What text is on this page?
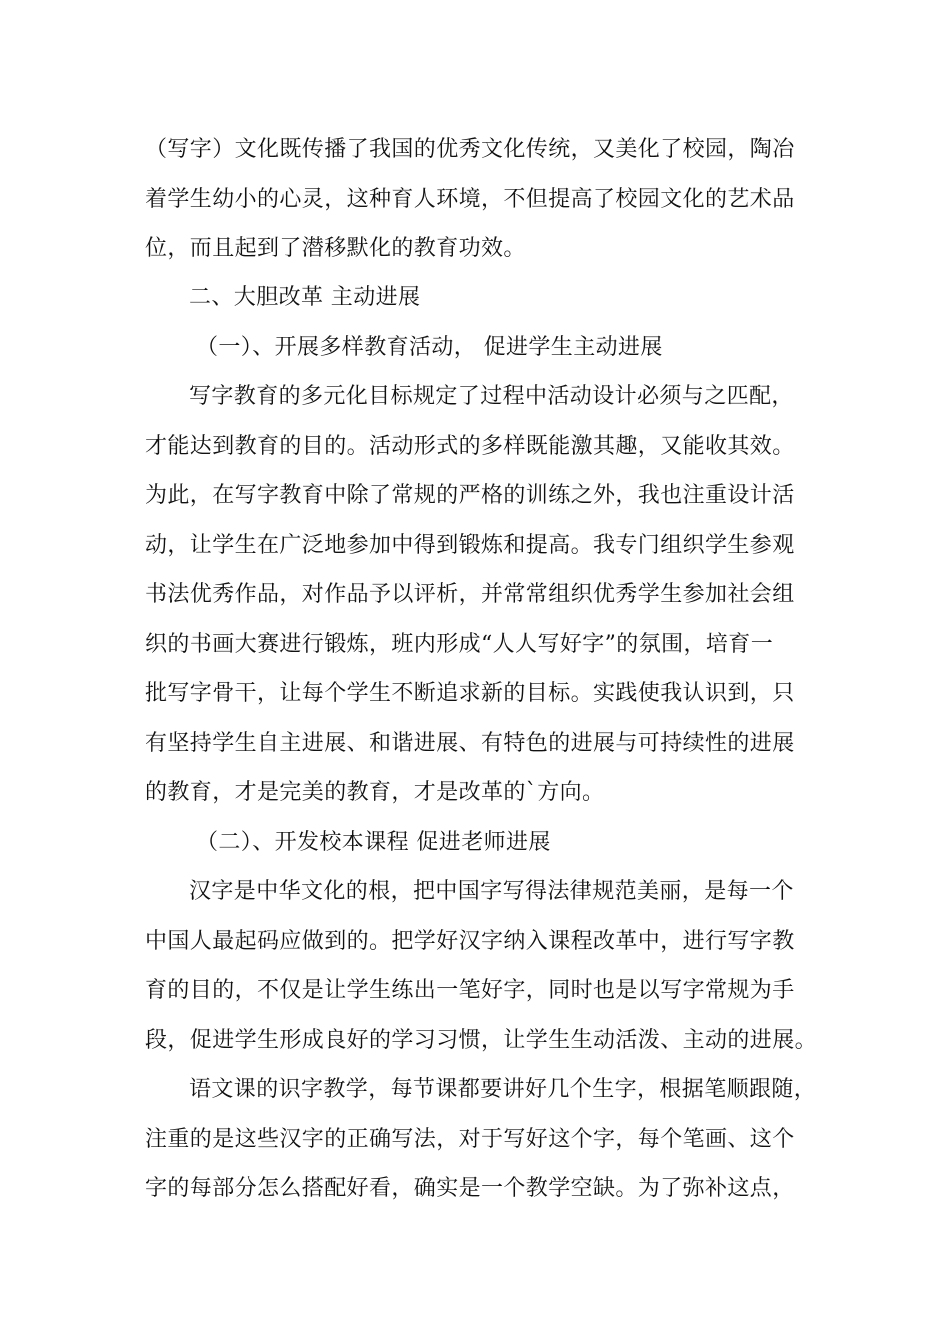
（写字）文化既传播了我国的优秀文化传统，又美化了校园，陶冶
着学生幼小的心灵，这种育人环境，不但提高了校园文化的艺术品
位，而且起到了潜移默化的教育功效。
二、大胆改革 主动进展
（一）、开展多样教育活动， 促进学生主动进展
写字教育的多元化目标规定了过程中活动设计必须与之匹配，
才能达到教育的目的。活动形式的多样既能激其趣，又能收其效。
为此，在写字教育中除了常规的严格的训练之外，我也注重设计活
动，让学生在广泛地参加中得到锻炼和提高。我专门组织学生参观
书法优秀作品，对作品予以评析，并常常组织优秀学生参加社会组
织的书画大赛进行锻炼，班内形成“人人写好字”的氛围，培育一
批写字骨干，让每个学生不断追求新的目标。实践使我认识到，只
有坚持学生自主进展、和谐进展、有特色的进展与可持续性的进展
的教育，才是完美的教育，才是改革的`方向。
（二）、开发校本课程 促进老师进展
汉字是中华文化的根，把中国字写得法律规范美丽，是每一个
中国人最起码应做到的。把学好汉字纳入课程改革中，进行写字教
育的目的，不仅是让学生练出一笔好字，同时也是以写字常规为手
段，促进学生形成良好的学习习惯，让学生生动活泼、主动的进展。
语文课的识字教学，每节课都要讲好几个生字，根据笔顺跟随，
注重的是这些汉字的正确写法，对于写好这个字，每个笔画、这个
字的每部分怎么搭配好看，确实是一个教学空缺。为了弥补这点，
